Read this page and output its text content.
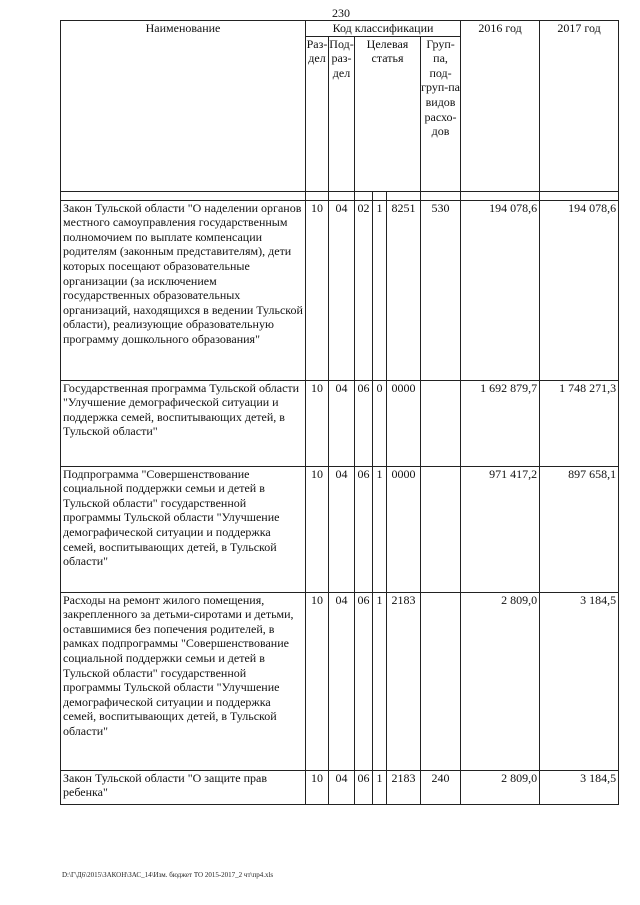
230
Наименование	Код классификации						2016 год	2017 год
	Раз-дел	Под-раз-дел	Целевая статья			Груп-па, под-груп-па видов расхо-дов		

Закон Тульской области "О наделении органов местного самоуправления государственным полномочием по выплате компенсации родителям (законным представителям), дети которых посещают образовательные организации (за исключением государственных образовательных организаций, находящихся в ведении Тульской области), реализующие образовательную программу дошкольного образования"	10	04	02	1	8251	530	194 078,6	194 078,6
Государственная программа Тульской области "Улучшение демографической ситуации и поддержка семей, воспитывающих детей, в Тульской области"	10	04	06	0	0000		1 692 879,7	1 748 271,3
Подпрограмма "Совершенствование социальной поддержки семьи и детей в Тульской области" государственной программы Тульской области "Улучшение демографической ситуации и поддержка семей, воспитывающих детей, в Тульской области"	10	04	06	1	0000		971 417,2	897 658,1
Расходы на ремонт жилого помещения, закрепленного за детьми-сиротами и детьми, оставшимися без попечения родителей, в рамках подпрограммы "Совершенствование социальной поддержки семьи и детей в Тульской области" государственной программы Тульской области "Улучшение демографической ситуации и поддержка семей, воспитывающих детей, в Тульской области"	10	04	06	1	2183		2 809,0	3 184,5
Закон Тульской области "О защите прав ребенка"	10	04	06	1	2183	240	2 809,0	3 184,5
D:\Г\Д6\2015\ЗАКОН\ЗАС_14\Изм. бюджет ТО 2015-2017_2 чт\пр4.xls
